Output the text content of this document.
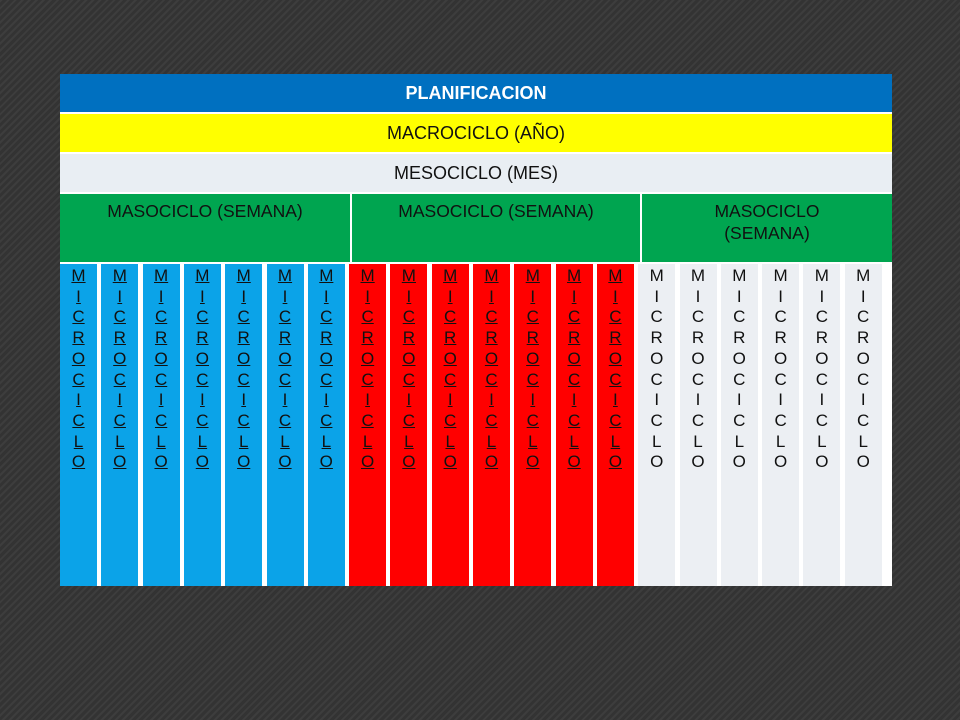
PLANIFICACION
MACROCICLO (AÑO)
MESOCICLO (MES)
MASOCICLO (SEMANA)	MASOCICLO (SEMANA)	MASOCICLO (SEMANA)
M
I
C
R
O
C
I
C
L
O
M
I
C
R
O
C
I
C
L
O
M
I
C
R
O
C
I
C
L
O
M
I
C
R
O
C
I
C
L
O
M
I
C
R
O
C
I
C
L
O
M
I
C
R
O
C
I
C
L
O
M
I
C
R
O
C
I
C
L
O
M
I
C
R
O
C
I
C
L
O
M
I
C
R
O
C
I
C
L
O
M
I
C
R
O
C
I
C
L
O
M
I
C
R
O
C
I
C
L
O
M
I
C
R
O
C
I
C
L
O
M
I
C
R
O
C
I
C
L
O
M
I
C
R
O
C
I
C
L
O
M
I
C
R
O
C
I
C
L
O
M
I
C
R
O
C
I
C
L
O
M
I
C
R
O
C
I
C
L
O
M
I
C
R
O
C
I
C
L
O
M
I
C
R
O
C
I
C
L
O
M
I
C
R
O
C
I
C
L
O
